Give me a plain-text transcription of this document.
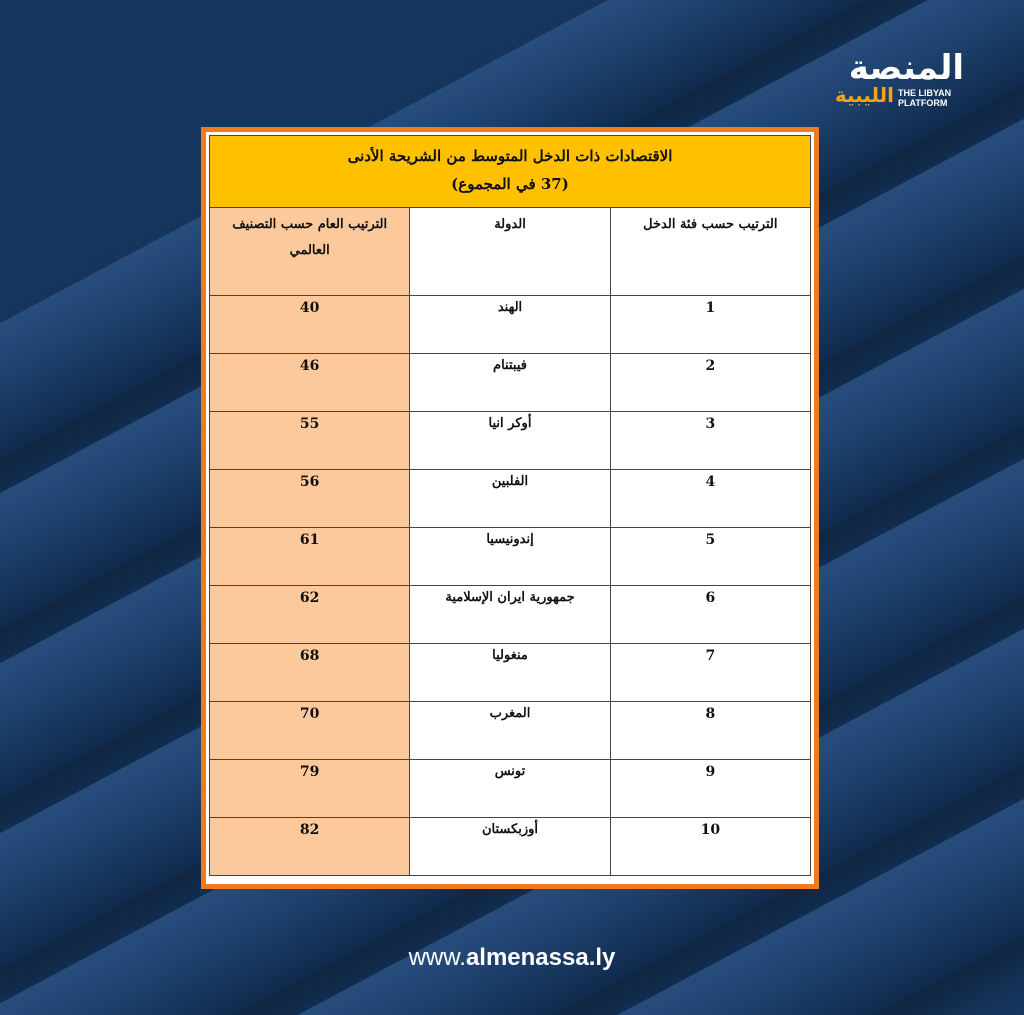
المنصة
الليبية THE LIBYAN PLATFORM
الاقتصادات ذات الدخل المتوسط من الشريحة الأدنى
(37 في المجموع)		

الترتيب حسب فئة الدخل	الدولة	الترتيب العام حسب التصنيف العالمي
1	الهند	40
2	فيبتنام	46
3	أوكر انيا	55
4	الفلبين	56
5	إندونيسيا	61
6	جمهورية ايران الإسلامية	62
7	منغوليا	68
8	المغرب	70
9	تونس	79
10	أوزبكستان	82
www.almenassa.ly
